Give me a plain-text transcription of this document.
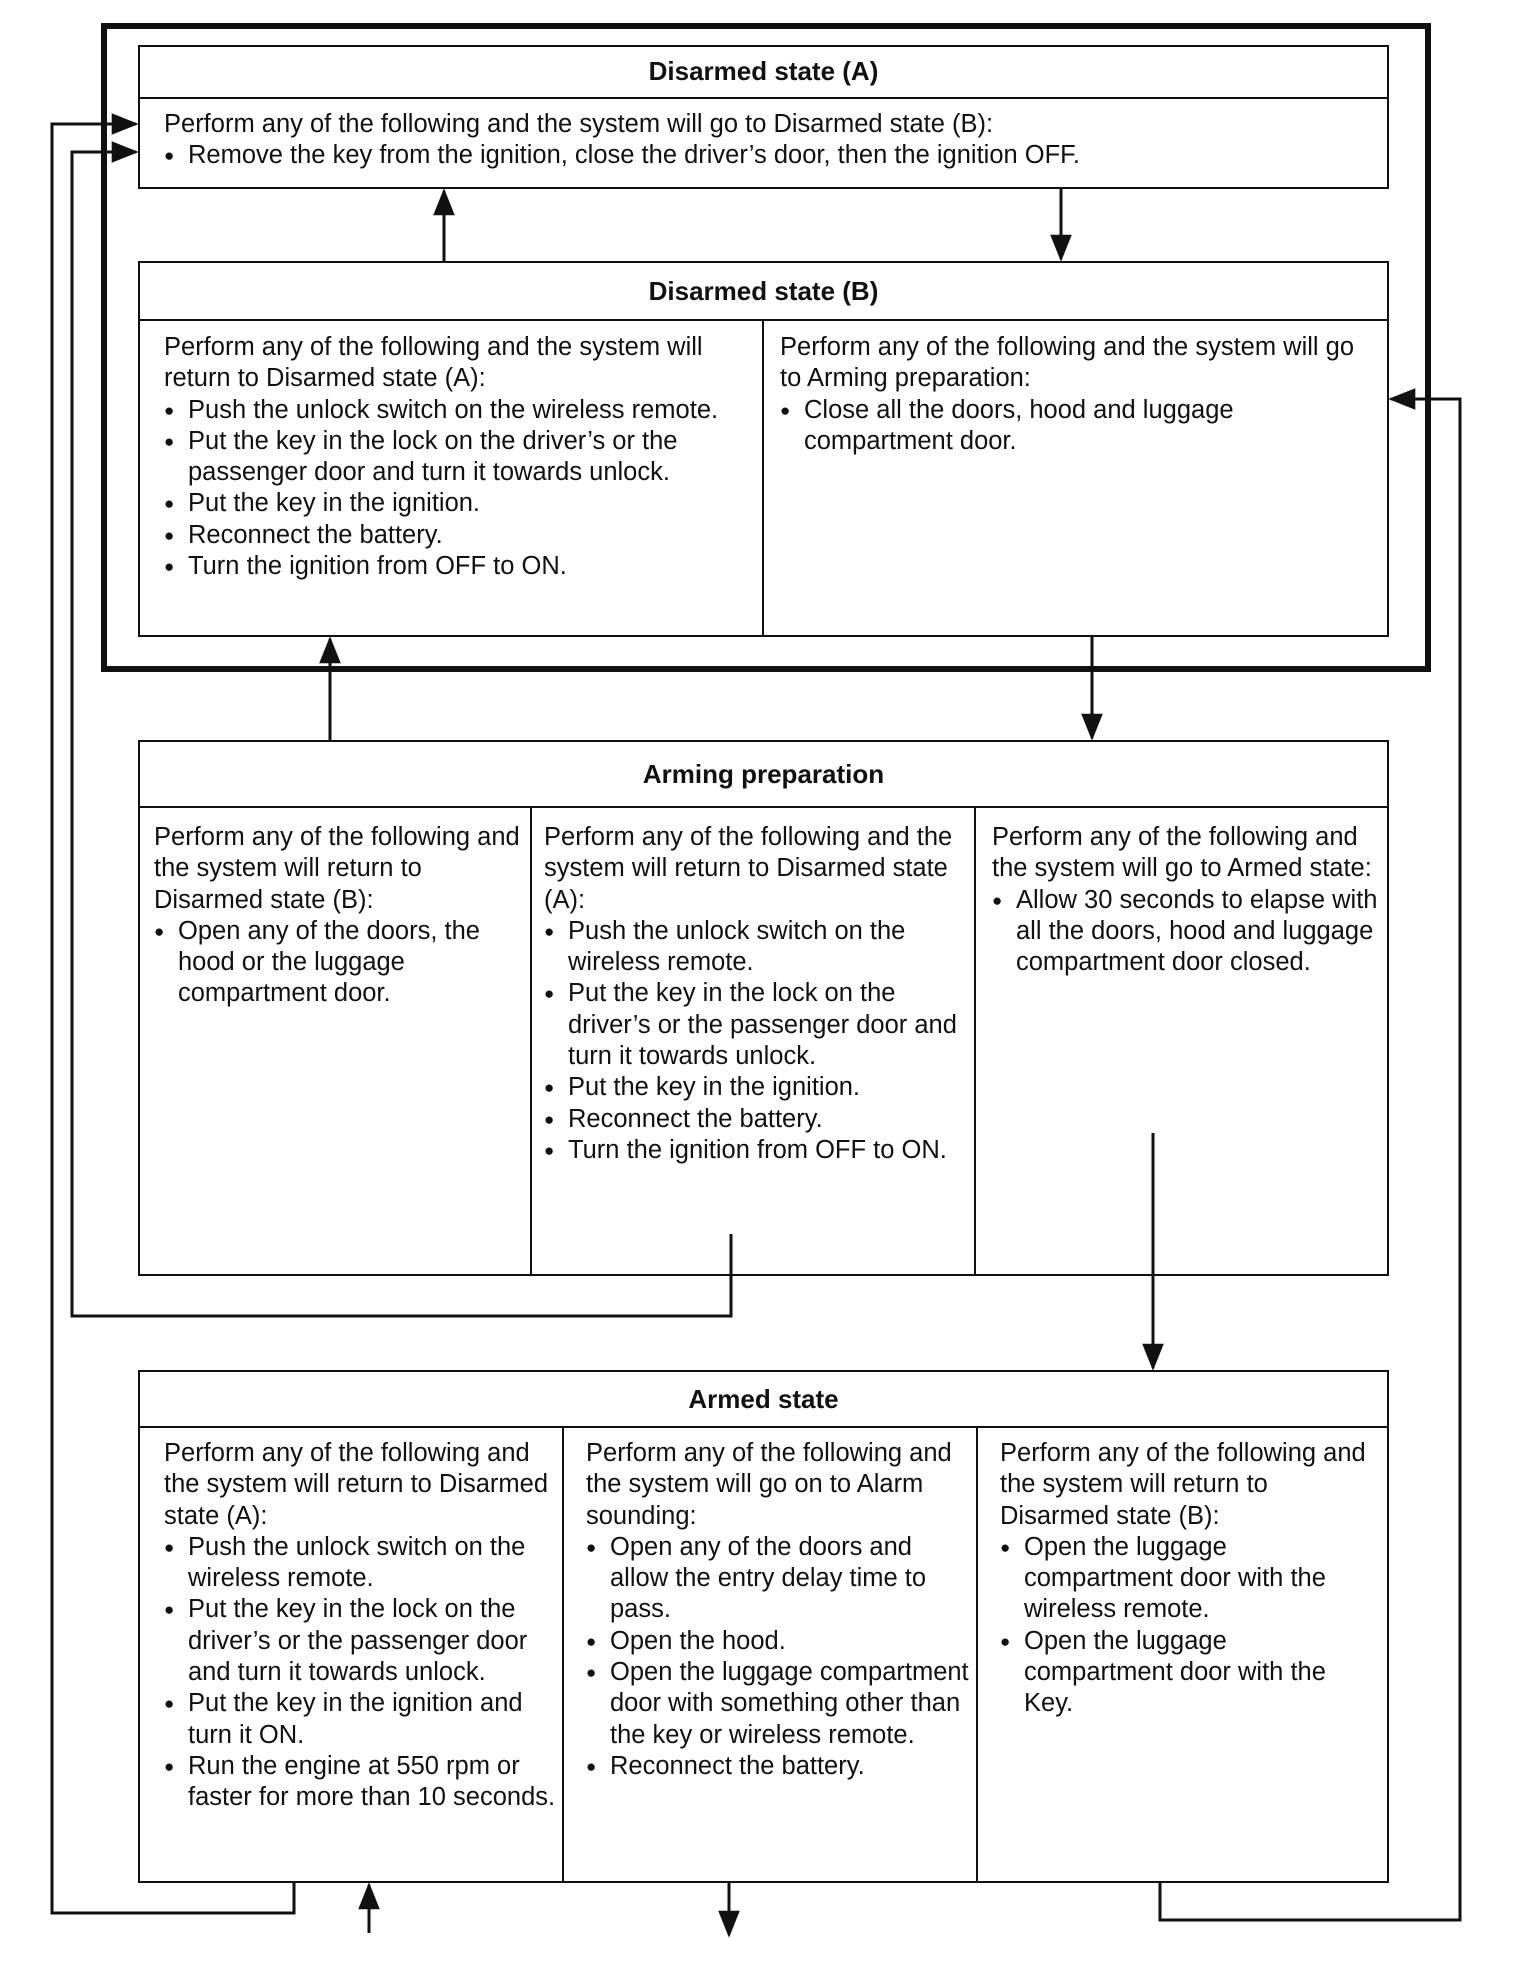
Disarmed state (A)

Perform any of the following and the system will go to Disarmed state (B):

● Remove the key from the ignition, close the driver’s door, then the ignition OFF.
Disarmed state (B)

Perform any of the following and the system will return to Disarmed state (A):

● Push the unlock switch on the wireless remote.
● Put the key in the lock on the driver’s or the passenger door and turn it towards unlock.
● Put the key in the ignition.
● Reconnect the battery.
● Turn the ignition from OFF to ON.

Perform any of the following and the system will go to Arming preparation:

● Close all the doors, hood and luggage compartment door.
Arming preparation

Perform any of the following and the system will return to Disarmed state (B):

● Open any of the doors, the hood or the luggage compartment door.

Perform any of the following and the system will return to Disarmed state (A):

● Push the unlock switch on the wireless remote.
● Put the key in the lock on the driver’s or the passenger door and turn it towards unlock.
● Put the key in the ignition.
● Reconnect the battery.
● Turn the ignition from OFF to ON.

Perform any of the following and the system will go to Armed state:

● Allow 30 seconds to elapse with all the doors, hood and luggage compartment door closed.
Armed state

Perform any of the following and the system will return to Disarmed state (A):

● Push the unlock switch on the wireless remote.
● Put the key in the lock on the driver’s or the passenger door and turn it towards unlock.
● Put the key in the ignition and turn it ON.
● Run the engine at 550 rpm or faster for more than 10 seconds.

Perform any of the following and the system will go on to Alarm sounding:

● Open any of the doors and allow the entry delay time to pass.
● Open the hood.
● Open the luggage compartment door with something other than the key or wireless remote.
● Reconnect the battery.

Perform any of the following and the system will return to Disarmed state (B):

● Open the luggage compartment door with the wireless remote.
● Open the luggage compartment door with the Key.
